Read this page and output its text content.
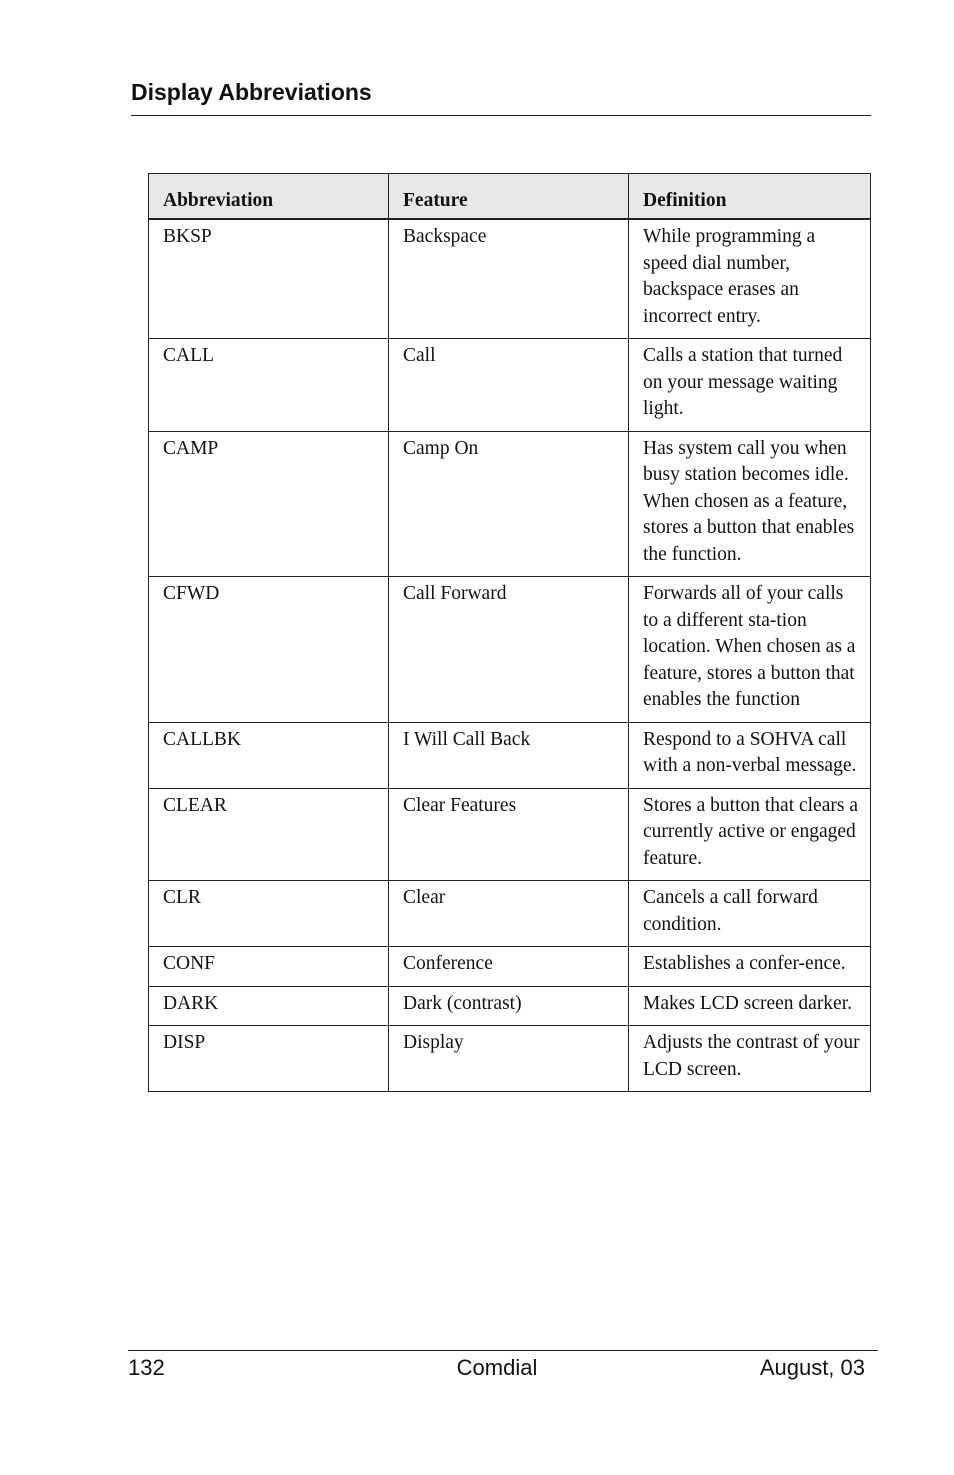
Display Abbreviations
Abbreviation	Feature	Definition
BKSP	Backspace	While programming a speed dial number, backspace erases an incorrect entry.
CALL	Call	Calls a station that turned on your message waiting light.
CAMP	Camp On	Has system call you when busy station becomes idle. When chosen as a feature, stores a button that enables the function.
CFWD	Call Forward	Forwards all of your calls to a different sta-tion location. When chosen as a feature, stores a button that enables the function
CALLBK	I Will Call Back	Respond to a SOHVA call with a non-verbal message.
CLEAR	Clear Features	Stores a button that clears a currently active or engaged feature.
CLR	Clear	Cancels a call forward condition.
CONF	Conference	Establishes a confer-ence.
DARK	Dark (contrast)	Makes LCD screen darker.
DISP	Display	Adjusts the contrast of your LCD screen.
132	Comdial	August, 03
